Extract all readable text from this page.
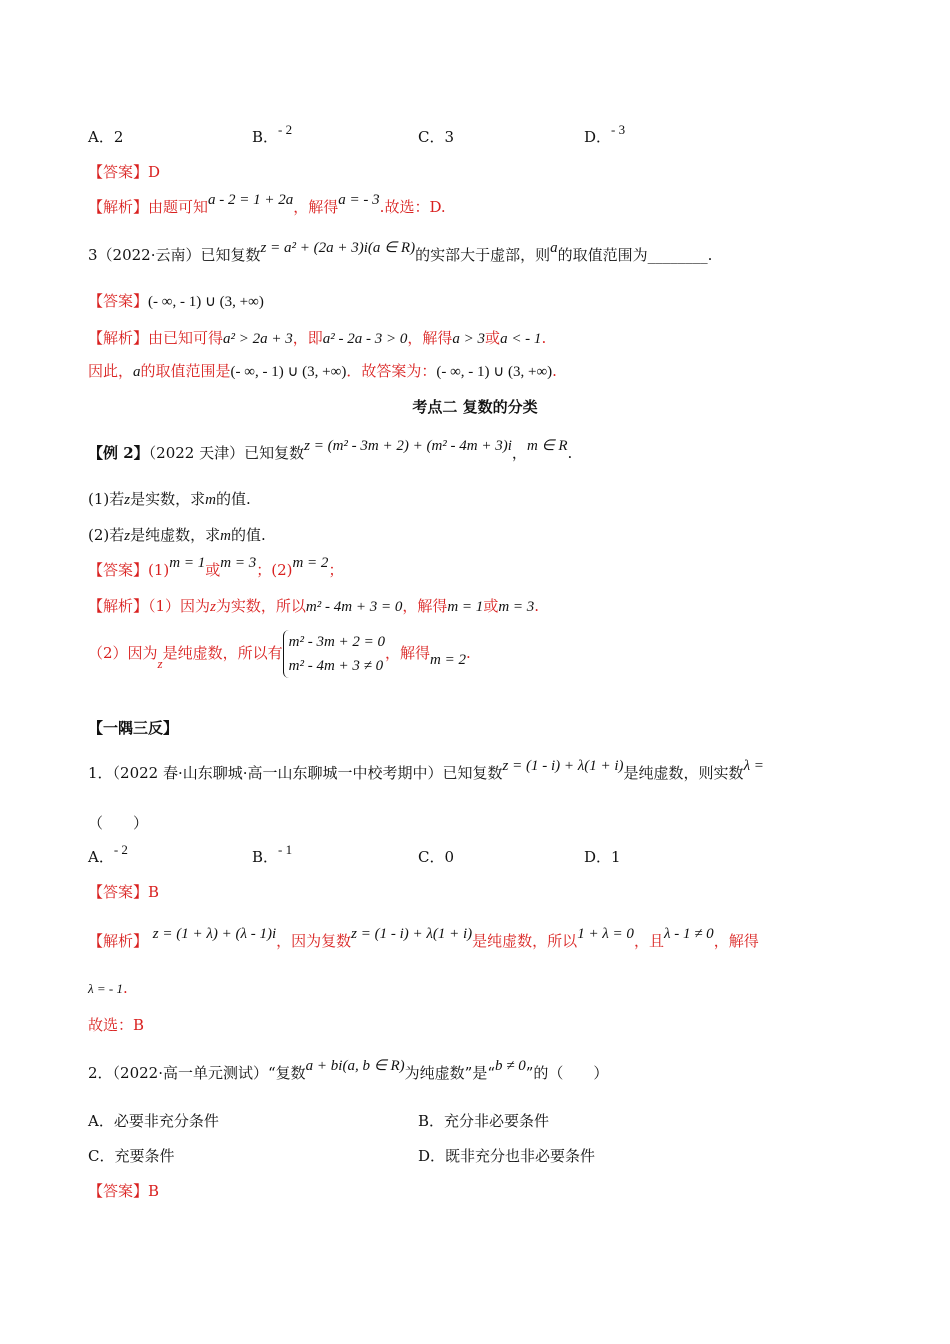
A．2	B．- 2	C．3	D．- 3
【答案】D
【解析】由题可知a - 2 = 1 + 2a，解得a = - 3.故选：D.
3（2022·云南）已知复数z = a² + (2a + 3)i(a ∈ R)的实部大于虚部，则a的取值范围为________.
【答案】(- ∞, - 1) ∪ (3, +∞)
【解析】由已知可得a² > 2a + 3，即a² - 2a - 3 > 0，解得a > 3或a < - 1.
因此，a的取值范围是(- ∞, - 1) ∪ (3, +∞)．故答案为：(- ∞, - 1) ∪ (3, +∞).
考点二 复数的分类
【例 2】（2022 天津）已知复数z = (m² - 3m + 2) + (m² - 4m + 3)i，m ∈ R.
(1)若z是实数，求m的值.
(2)若z是纯虚数，求m的值.
【答案】(1)m = 1或m = 3；(2)m = 2；
【解析】（1）因为z为实数，所以m² - 4m + 3 = 0，解得m = 1或m = 3.
（2）因为z是纯虚数，所以有m² - 3m + 2 = 0
m² - 4m + 3 ≠ 0，解得m = 2.
【一隅三反】
1．（2022 春·山东聊城·高一山东聊城一中校考期中）已知复数z = (1 - i) + λ(1 + i)是纯虚数，则实数λ =
（　　）
A．- 2	B．- 1	C．0	D．1
【答案】B
【解析】 z = (1 + λ) + (λ - 1)i，因为复数z = (1 - i) + λ(1 + i)是纯虚数，所以1 + λ = 0，且λ - 1 ≠ 0，解得
λ = - 1.
故选：B
2．（2022·高一单元测试）“复数a + bi(a, b ∈ R)为纯虚数”是“b ≠ 0”的（　　）
A．必要非充分条件	B．充分非必要条件
C．充要条件	D．既非充分也非必要条件
【答案】B
